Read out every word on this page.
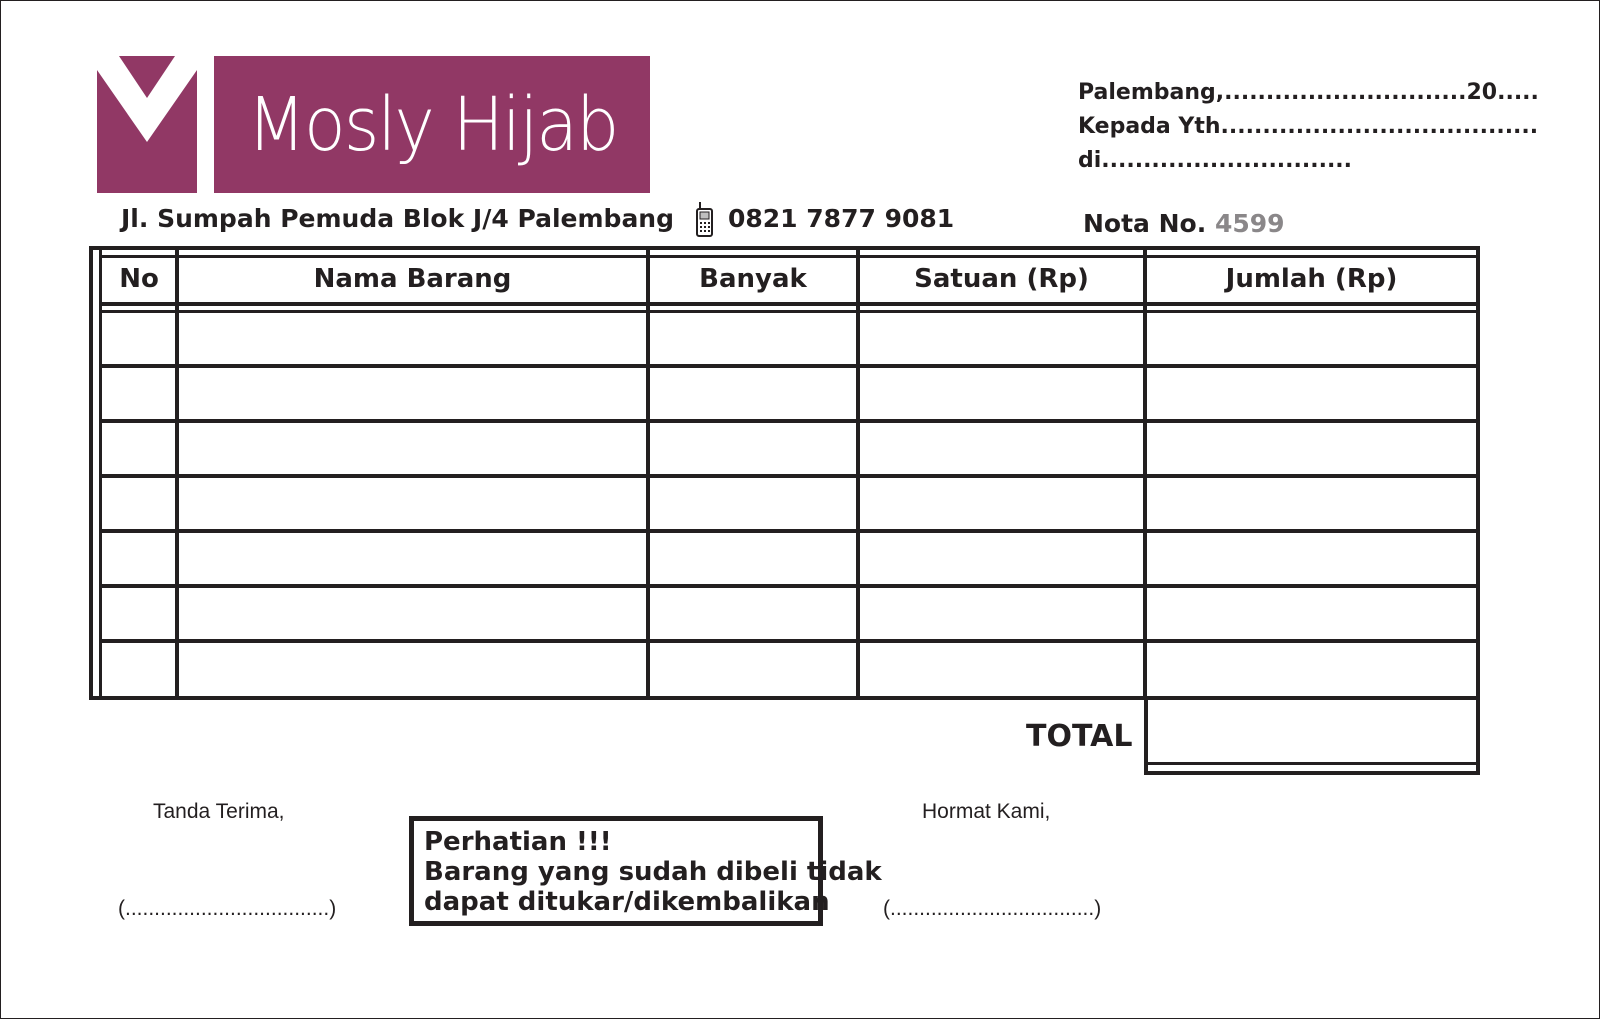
Mosly Hijab
Jl. Sumpah Pemuda Blok J/4 Palembang 0821 7877 9081
Palembang,.............................20.....
Kepada Yth......................................
di..............................
Nota No. 4599
No	Nama Barang	Banyak	Satuan (Rp)	Jumlah (Rp)
TOTAL
Tanda Terima,
(...................................)
Perhatian !!!
Barang yang sudah dibeli tidak
dapat ditukar/dikembalikan
Hormat Kami,
(...................................)
